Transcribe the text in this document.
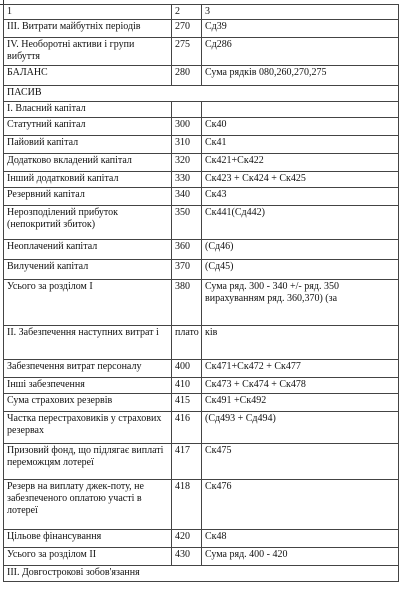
1	2	3
III. Витрати майбутніх періодів	270	Сд39
IV. Необоротні активи і групи вибуття	275	Сд286
БАЛАНС	280	Сума рядків 080,260,270,275
ПАСИВ		
І. Власний капітал		
Статутний капітал	300	Ск40
Пайовий капітал	310	Ск41
Додатково вкладений капітал	320	Ск421+Ск422
Інший додатковий капітал	330	Ск423 + Ск424 + Ск425
Резервний капітал	340	Ск43
Нерозподілений прибуток (непокритий збиток)	350	Ск441(Сд442)
Неоплачений капітал	360	(Сд46)
Вилучений капітал	370	(Сд45)
Усього за розділом І	380	Сума ряд. 300 - 340 +/- ряд. 350 вирахуванням ряд. 360,370) (за
ІІ. Забезпечення наступних витрат і	плато	ків
Забезпечення витрат персоналу	400	Ск471+Ск472 + Ск477
Інші забезпечення	410	Ск473 + Ск474 + Ск478
Сума страхових резервів	415	Ск491 +Ск492
Частка перестраховиків у страхових резервах	416	(Сд493 + Сд494)
Призовий фонд, що підлягає виплаті переможцям лотереї	417	Ск475
Резерв на виплату джек-поту, не забезпеченого оплатою участі в лотереї	418	Ск476
Цільове фінансування	420	Ск48
Усього за розділом ІІ	430	Сума ряд. 400 - 420
ІІІ. Довгострокові зобов'язання		
